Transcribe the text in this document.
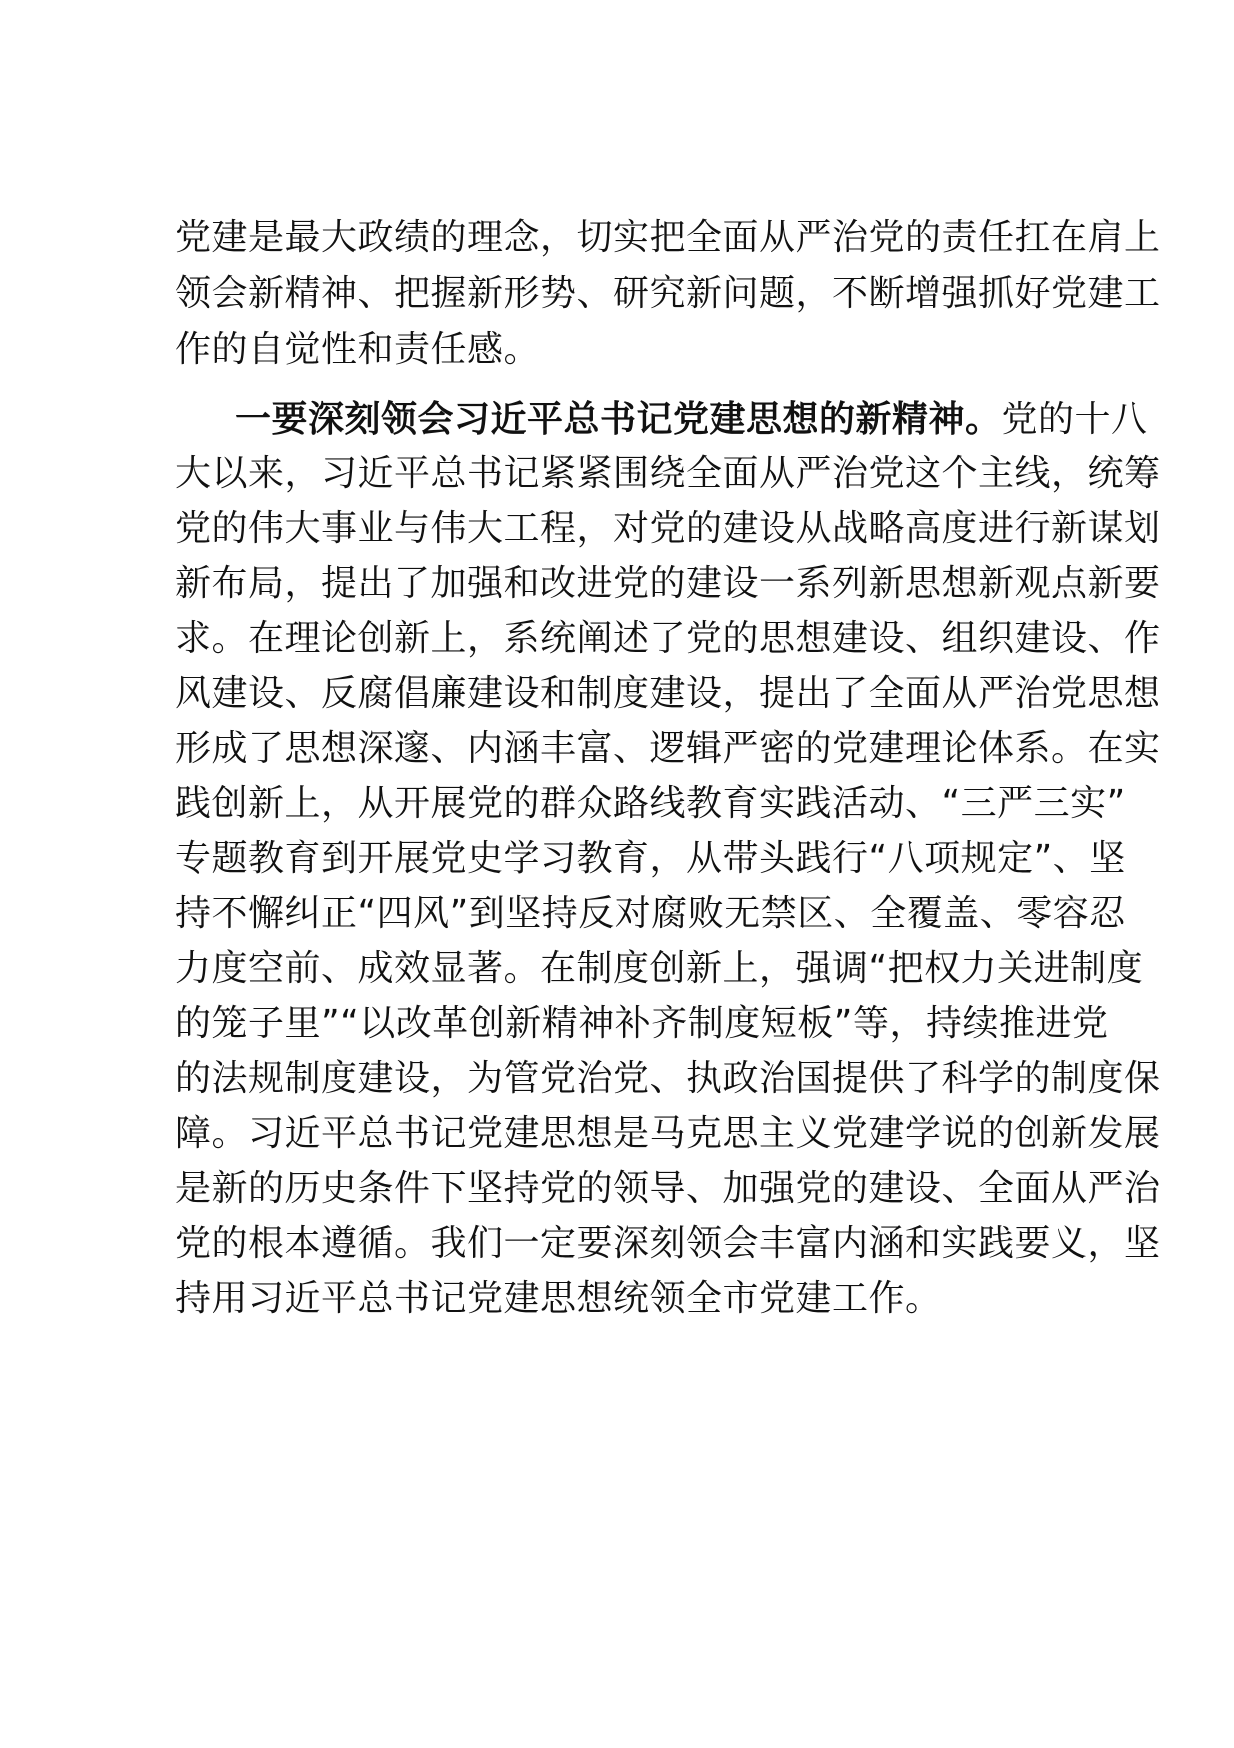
党建是最大政绩的理念，切实把全面从严治党的责任扛在肩上
领会新精神、把握新形势、研究新问题，不断增强抓好党建工
作的自觉性和责任感。
一要深刻领会习近平总书记党建思想的新精神。党的十八
大以来，习近平总书记紧紧围绕全面从严治党这个主线，统筹
党的伟大事业与伟大工程，对党的建设从战略高度进行新谋划
新布局，提出了加强和改进党的建设一系列新思想新观点新要
求。在理论创新上，系统阐述了党的思想建设、组织建设、作
风建设、反腐倡廉建设和制度建设，提出了全面从严治党思想
形成了思想深邃、内涵丰富、逻辑严密的党建理论体系。在实
践创新上，从开展党的群众路线教育实践活动、“三严三实”
专题教育到开展党史学习教育，从带头践行“八项规定”、坚
持不懈纠正“四风”到坚持反对腐败无禁区、全覆盖、零容忍
力度空前、成效显著。在制度创新上，强调“把权力关进制度
的笼子里”“以改革创新精神补齐制度短板”等，持续推进党
的法规制度建设，为管党治党、执政治国提供了科学的制度保
障。习近平总书记党建思想是马克思主义党建学说的创新发展
是新的历史条件下坚持党的领导、加强党的建设、全面从严治
党的根本遵循。我们一定要深刻领会丰富内涵和实践要义，坚
持用习近平总书记党建思想统领全市党建工作。
